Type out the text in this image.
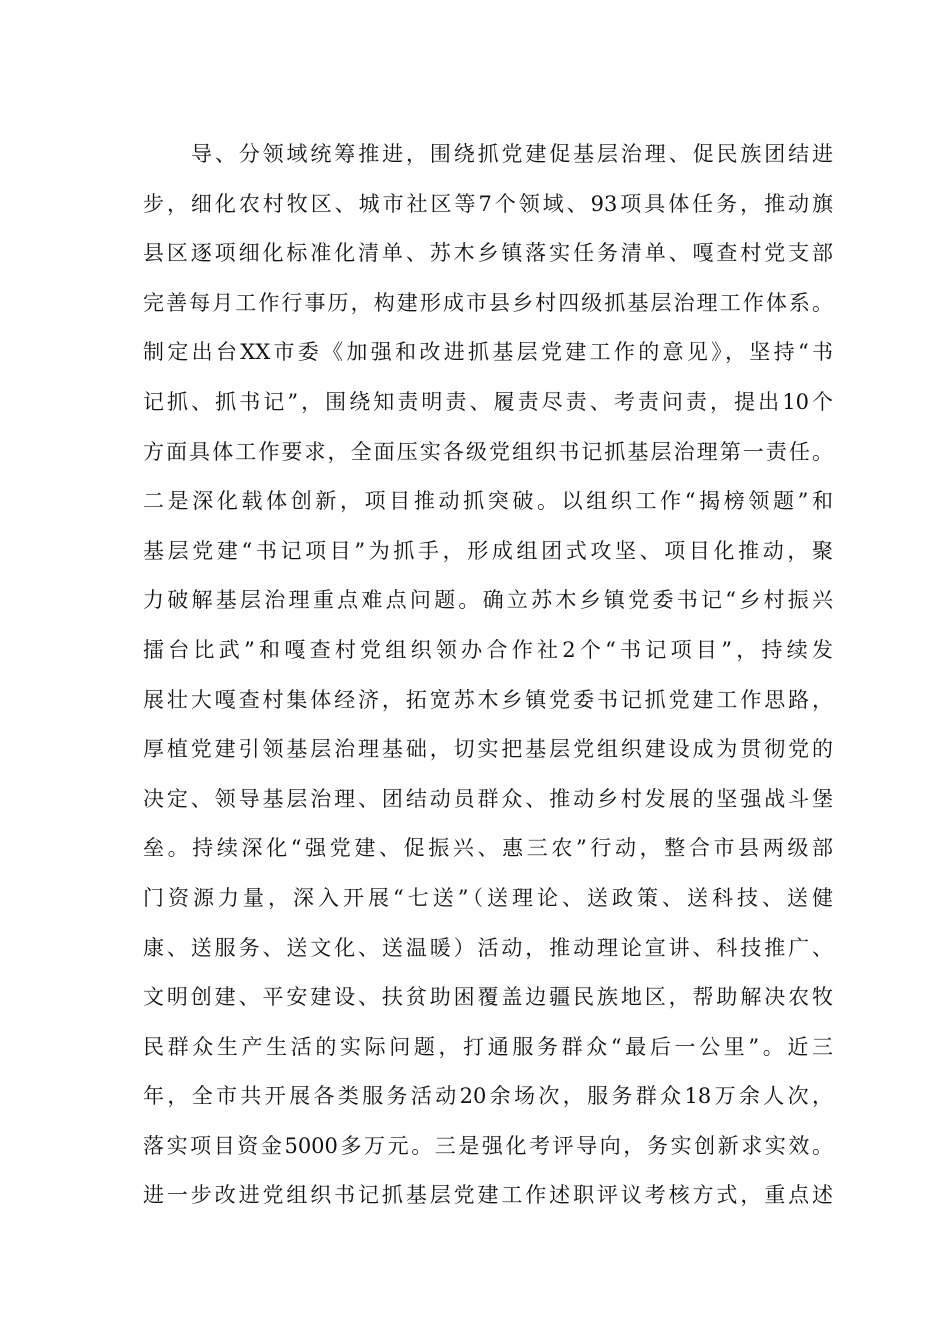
导、分领域统筹推进，围绕抓党建促基层治理、促民族团结进
步，细化农村牧区、城市社区等7个领域、93项具体任务，推动旗
县区逐项细化标准化清单、苏木乡镇落实任务清单、嘎查村党支部
完善每月工作行事历，构建形成市县乡村四级抓基层治理工作体系。
制定出台XX市委《加强和改进抓基层党建工作的意见》，坚持“书
记抓、抓书记”，围绕知责明责、履责尽责、考责问责，提出10个
方面具体工作要求，全面压实各级党组织书记抓基层治理第一责任。
二是深化载体创新，项目推动抓突破。以组织工作“揭榜领题”和
基层党建“书记项目”为抓手，形成组团式攻坚、项目化推动，聚
力破解基层治理重点难点问题。确立苏木乡镇党委书记“乡村振兴
擂台比武”和嘎查村党组织领办合作社2个“书记项目”，持续发
展壮大嘎查村集体经济，拓宽苏木乡镇党委书记抓党建工作思路，
厚植党建引领基层治理基础，切实把基层党组织建设成为贯彻党的
决定、领导基层治理、团结动员群众、推动乡村发展的坚强战斗堡
垒。持续深化“强党建、促振兴、惠三农”行动，整合市县两级部
门资源力量，深入开展“七送”（送理论、送政策、送科技、送健
康、送服务、送文化、送温暖）活动，推动理论宣讲、科技推广、
文明创建、平安建设、扶贫助困覆盖边疆民族地区，帮助解决农牧
民群众生产生活的实际问题，打通服务群众“最后一公里”。近三
年，全市共开展各类服务活动20余场次，服务群众18万余人次，
落实项目资金5000多万元。三是强化考评导向，务实创新求实效。
进一步改进党组织书记抓基层党建工作述职评议考核方式，重点述
